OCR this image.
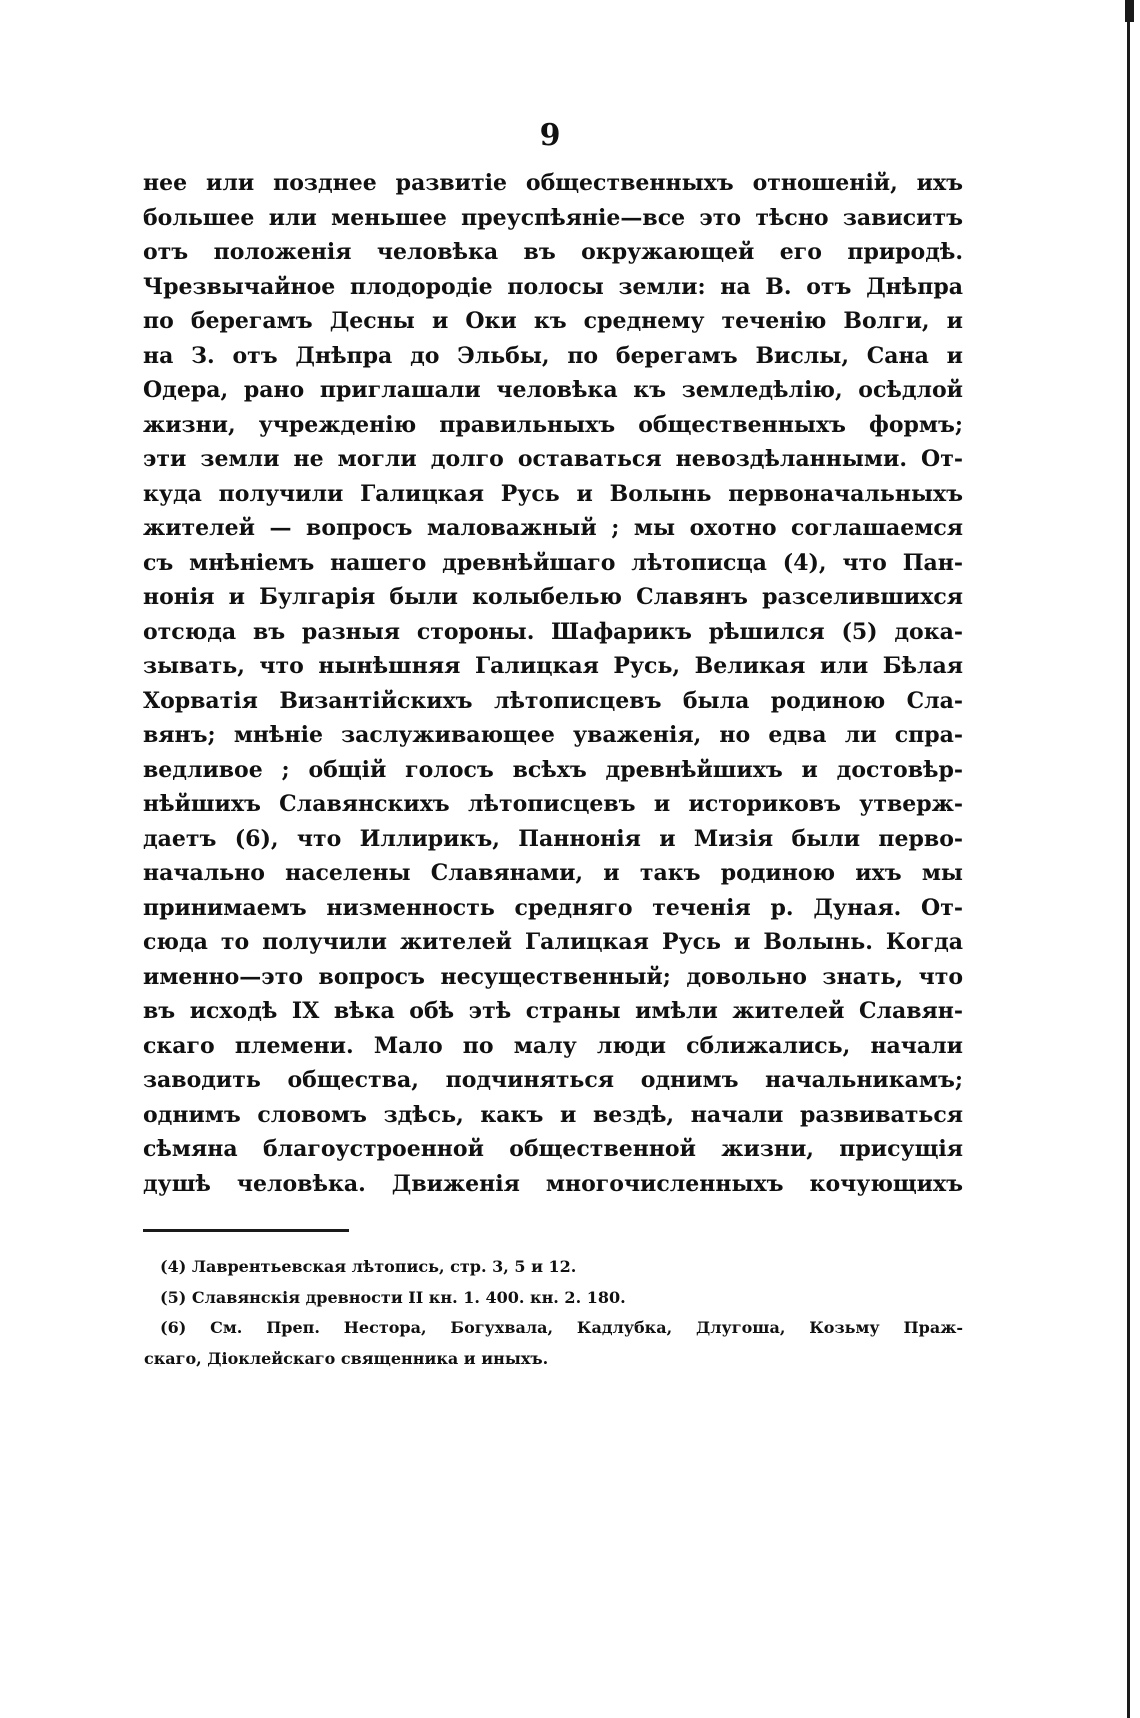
9
нее или позднее развитіе общественныхъ отношеній, ихъ
большее или меньшее преуспѣяніе—все это тѣсно зависитъ
отъ положенія человѣка въ окружающей его природѣ.
Чрезвычайное плодородіе полосы земли: на В. отъ Днѣпра
по берегамъ Десны и Оки къ среднему теченію Волги, и
на З. отъ Днѣпра до Эльбы, по берегамъ Вислы, Сана и
Одера, рано приглашали человѣка къ земледѣлію, осѣдлой
жизни, учрежденію правильныхъ общественныхъ формъ;
эти земли не могли долго оставаться невоздѣланными. От-
куда получили Галицкая Русь и Волынь первоначальныхъ
жителей — вопросъ маловажный ; мы охотно соглашаемся
съ мнѣніемъ нашего древнѣйшаго лѣтописца (4), что Пан-
нонія и Булгарія были колыбелью Славянъ разселившихся
отсюда въ разныя стороны. Шафарикъ рѣшился (5) дока-
зывать, что нынѣшняя Галицкая Русь, Великая или Бѣлая
Хорватія Византійскихъ лѣтописцевъ была родиною Сла-
вянъ; мнѣніе заслуживающее уваженія, но едва ли спра-
ведливое ; общій голосъ всѣхъ древнѣйшихъ и достовѣр-
нѣйшихъ Славянскихъ лѣтописцевъ и историковъ утверж-
даетъ (6), что Иллирикъ, Паннонія и Мизія были перво-
начально населены Славянами, и такъ родиною ихъ мы
принимаемъ низменность средняго теченія р. Дуная. От-
сюда то получили жителей Галицкая Русь и Волынь. Когда
именно—это вопросъ несущественный; довольно знать, что
въ исходѣ IX вѣка обѣ этѣ страны имѣли жителей Славян-
скаго племени. Мало по малу люди сближались, начали
заводить общества, подчиняться однимъ начальникамъ;
однимъ словомъ здѣсь, какъ и вездѣ, начали развиваться
сѣмяна благоустроенной общественной жизни, присущія
душѣ человѣка. Движенія многочисленныхъ кочующихъ
(4) Лаврентьевская лѣтопись, стр. 3, 5 и 12.
(5) Славянскія древности II кн. 1. 400. кн. 2. 180.
(6) См. Преп. Нестора, Богухвала, Кадлубка, Длугоша, Козьму Праж-
скаго, Діоклейскаго священника и иныхъ.
